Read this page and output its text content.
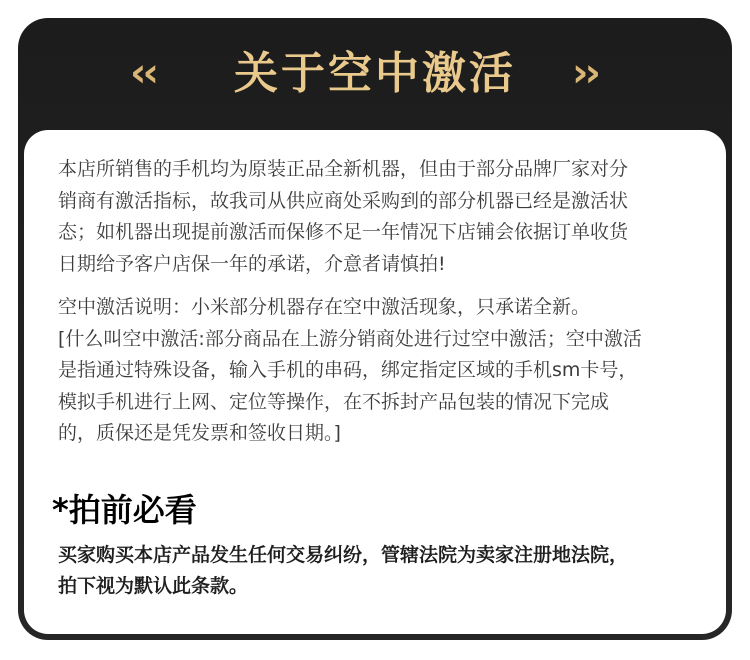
‹‹	关于空中激活	››

本店所销售的手机均为原装正品全新机器，但由于部分品牌厂家对分
销商有激活指标，故我司从供应商处采购到的部分机器已经是激活状
态；如机器出现提前激活而保修不足一年情况下店铺会依据订单收货
日期给予客户店保一年的承诺，介意者请慎拍!

空中激活说明：小米部分机器存在空中激活现象，只承诺全新。
[什么叫空中激活:部分商品在上游分销商处进行过空中激活；空中激活
是指通过特殊设备，输入手机的串码，绑定指定区域的手机sm卡号，
模拟手机进行上网、定位等操作，在不拆封产品包装的情况下完成
的，质保还是凭发票和签收日期。]

*拍前必看

买家购买本店产品发生任何交易纠纷，管辖法院为卖家注册地法院，
拍下视为默认此条款。
